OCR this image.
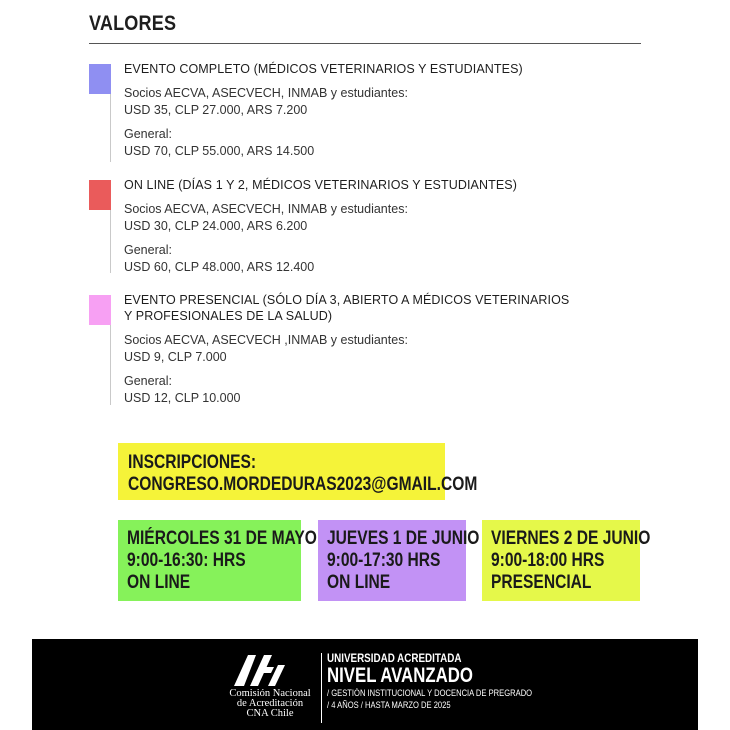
VALORES
EVENTO COMPLETO (MÉDICOS VETERINARIOS Y ESTUDIANTES)
Socios AECVA, ASECVECH, INMAB y estudiantes:
USD 35, CLP 27.000, ARS 7.200
General:
USD 70, CLP 55.000, ARS 14.500
ON LINE (DÍAS 1 Y 2, MÉDICOS VETERINARIOS Y ESTUDIANTES)
Socios AECVA, ASECVECH, INMAB y estudiantes:
USD 30, CLP 24.000, ARS 6.200
General:
USD 60, CLP 48.000, ARS 12.400
EVENTO PRESENCIAL (SÓLO DÍA 3, ABIERTO A MÉDICOS VETERINARIOS
Y PROFESIONALES DE LA SALUD)
Socios AECVA, ASECVECH ,INMAB y estudiantes:
USD 9, CLP 7.000
General:
USD 12, CLP 10.000
INSCRIPCIONES:
CONGRESO.MORDEDURAS2023@GMAIL.COM
MIÉRCOLES 31 DE MAYO
9:00-16:30: HRS
ON LINE
JUEVES 1 DE JUNIO
9:00-17:30 HRS
ON LINE
VIERNES 2 DE JUNIO
9:00-18:00 HRS
PRESENCIAL
Comisión Nacional
de Acreditación
CNA Chile
UNIVERSIDAD ACREDITADA
NIVEL AVANZADO
/ GESTIÓN INSTITUCIONAL Y DOCENCIA DE PREGRADO
/ 4 AÑOS / HASTA MARZO DE 2025
